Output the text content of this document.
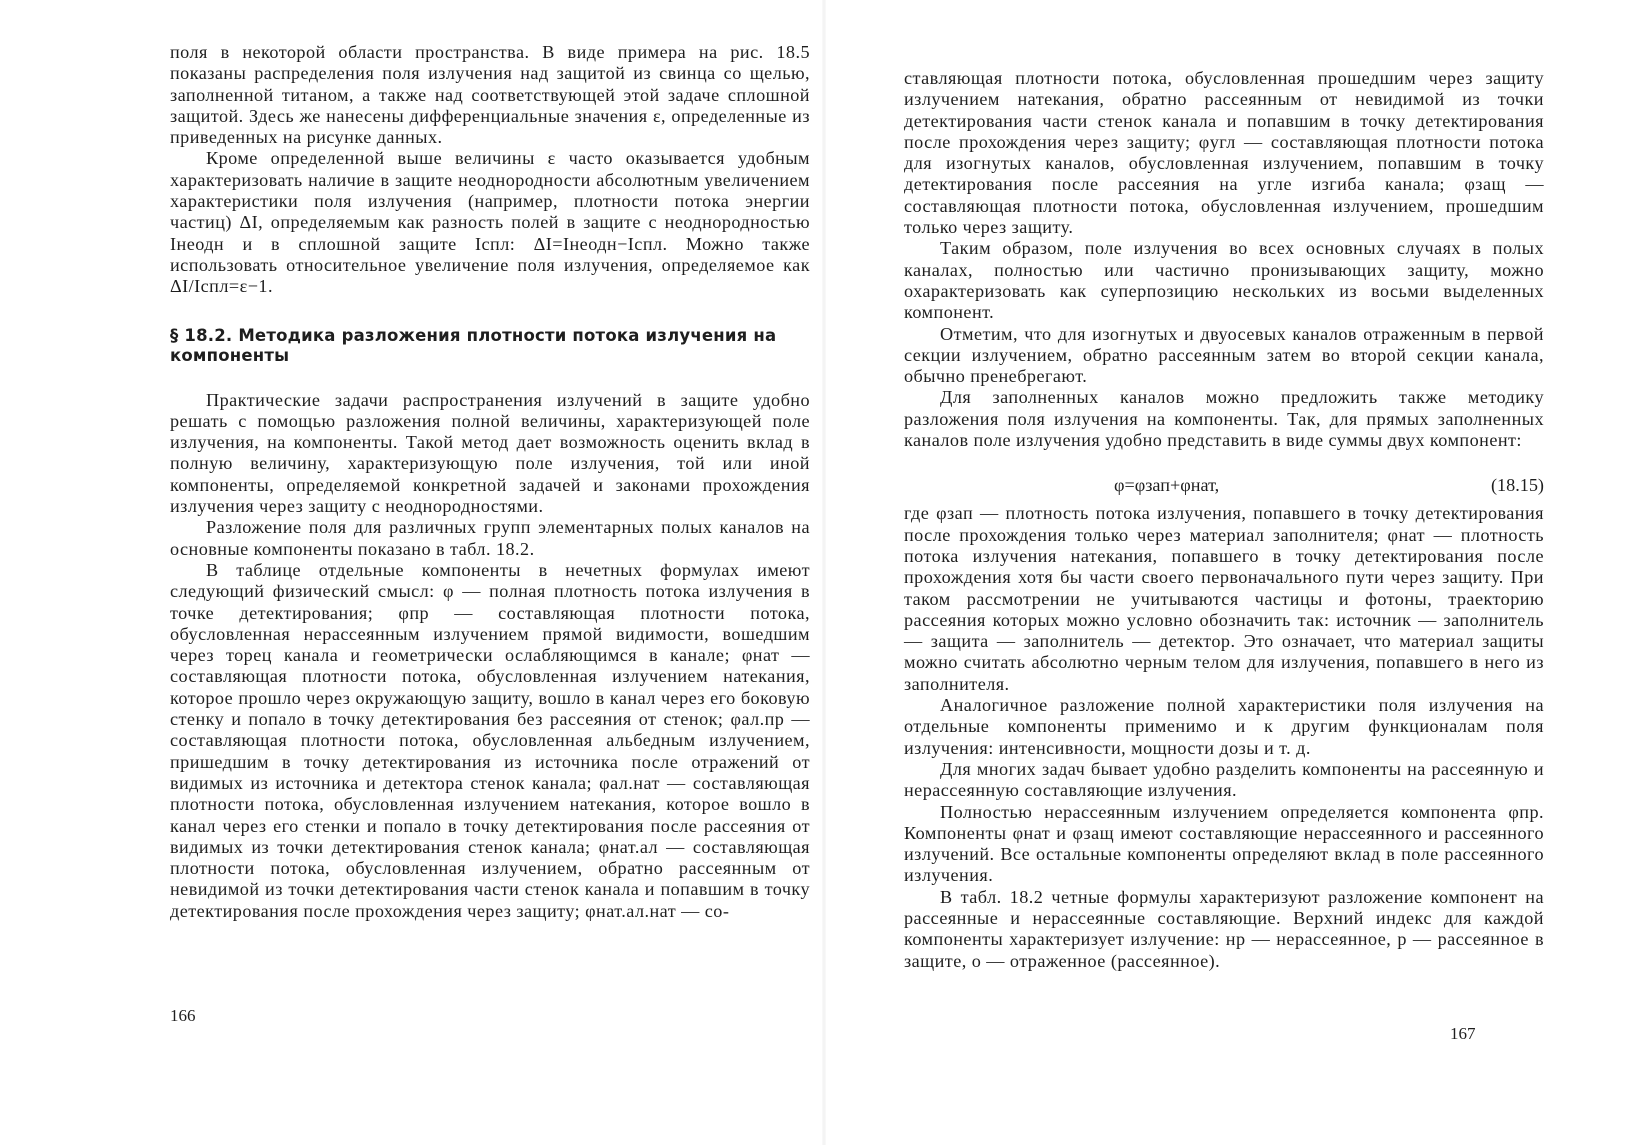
поля в некоторой области пространства. В виде примера на рис. 18.5 показаны распределения поля излучения над защитой из свинца со щелью, заполненной титаном, а также над соответствующей этой задаче сплошной защитой. Здесь же нанесены дифференциальные значения ε, определенные из приведенных на рисунке данных.

Кроме определенной выше величины ε часто оказывается удобным характеризовать наличие в защите неоднородности абсолютным увеличением характеристики поля излучения (например, плотности потока энергии частиц) ΔI, определяемым как разность полей в защите с неоднородностью Iнеодн и в сплошной защите Iспл: ΔI=Iнеодн−Iспл. Можно также использовать относительное увеличение поля излучения, определяемое как ΔI/Iспл=ε−1.

§ 18.2. Методика разложения плотности потока излучения на компоненты

Практические задачи распространения излучений в защите удобно решать с помощью разложения полной величины, характеризующей поле излучения, на компоненты. Такой метод дает возможность оценить вклад в полную величину, характеризующую поле излучения, той или иной компоненты, определяемой конкретной задачей и законами прохождения излучения через защиту с неоднородностями.

Разложение поля для различных групп элементарных полых каналов на основные компоненты показано в табл. 18.2.

В таблице отдельные компоненты в нечетных формулах имеют следующий физический смысл: φ — полная плотность потока излучения в точке детектирования; φпр — составляющая плотности потока, обусловленная нерассеянным излучением прямой видимости, вошедшим через торец канала и геометрически ослабляющимся в канале; φнат — составляющая плотности потока, обусловленная излучением натекания, которое прошло через окружающую защиту, вошло в канал через его боковую стенку и попало в точку детектирования без рассеяния от стенок; φал.пр — составляющая плотности потока, обусловленная альбедным излучением, пришедшим в точку детектирования из источника после отражений от видимых из источника и детектора стенок канала; φал.нат — составляющая плотности потока, обусловленная излучением натекания, которое вошло в канал через его стенки и попало в точку детектирования после рассеяния от видимых из точки детектирования стенок канала; φнат.ал — составляющая плотности потока, обусловленная излучением, обратно рассеянным от невидимой из точки детектирования части стенок канала и попавшим в точку детектирования после прохождения через защиту; φнат.ал.нат — со-

166

ставляющая плотности потока, обусловленная прошедшим через защиту излучением натекания, обратно рассеянным от невидимой из точки детектирования части стенок канала и попавшим в точку детектирования после прохождения через защиту; φугл — составляющая плотности потока для изогнутых каналов, обусловленная излучением, попавшим в точку детектирования после рассеяния на угле изгиба канала; φзащ — составляющая плотности потока, обусловленная излучением, прошедшим только через защиту.

Таким образом, поле излучения во всех основных случаях в полых каналах, полностью или частично пронизывающих защиту, можно охарактеризовать как суперпозицию нескольких из восьми выделенных компонент.

Отметим, что для изогнутых и двуосевых каналов отраженным в первой секции излучением, обратно рассеянным затем во второй секции канала, обычно пренебрегают.

Для заполненных каналов можно предложить также методику разложения поля излучения на компоненты. Так, для прямых заполненных каналов поле излучения удобно представить в виде суммы двух компонент:

φ=φзап+φнат,	(18.15)

где φзап — плотность потока излучения, попавшего в точку детектирования после прохождения только через материал заполнителя; φнат — плотность потока излучения натекания, попавшего в точку детектирования после прохождения хотя бы части своего первоначального пути через защиту. При таком рассмотрении не учитываются частицы и фотоны, траекторию рассеяния которых можно условно обозначить так: источник — заполнитель — защита — заполнитель — детектор. Это означает, что материал защиты можно считать абсолютно черным телом для излучения, попавшего в него из заполнителя.

Аналогичное разложение полной характеристики поля излучения на отдельные компоненты применимо и к другим функционалам поля излучения: интенсивности, мощности дозы и т. д.

Для многих задач бывает удобно разделить компоненты на рассеянную и нерассеянную составляющие излучения.

Полностью нерассеянным излучением определяется компонента φпр. Компоненты φнат и φзащ имеют составляющие нерассеянного и рассеянного излучений. Все остальные компоненты определяют вклад в поле рассеянного излучения.

В табл. 18.2 четные формулы характеризуют разложение компонент на рассеянные и нерассеянные составляющие. Верхний индекс для каждой компоненты характеризует излучение: нр — нерассеянное, р — рассеянное в защите, о — отраженное (рассеянное).

167
